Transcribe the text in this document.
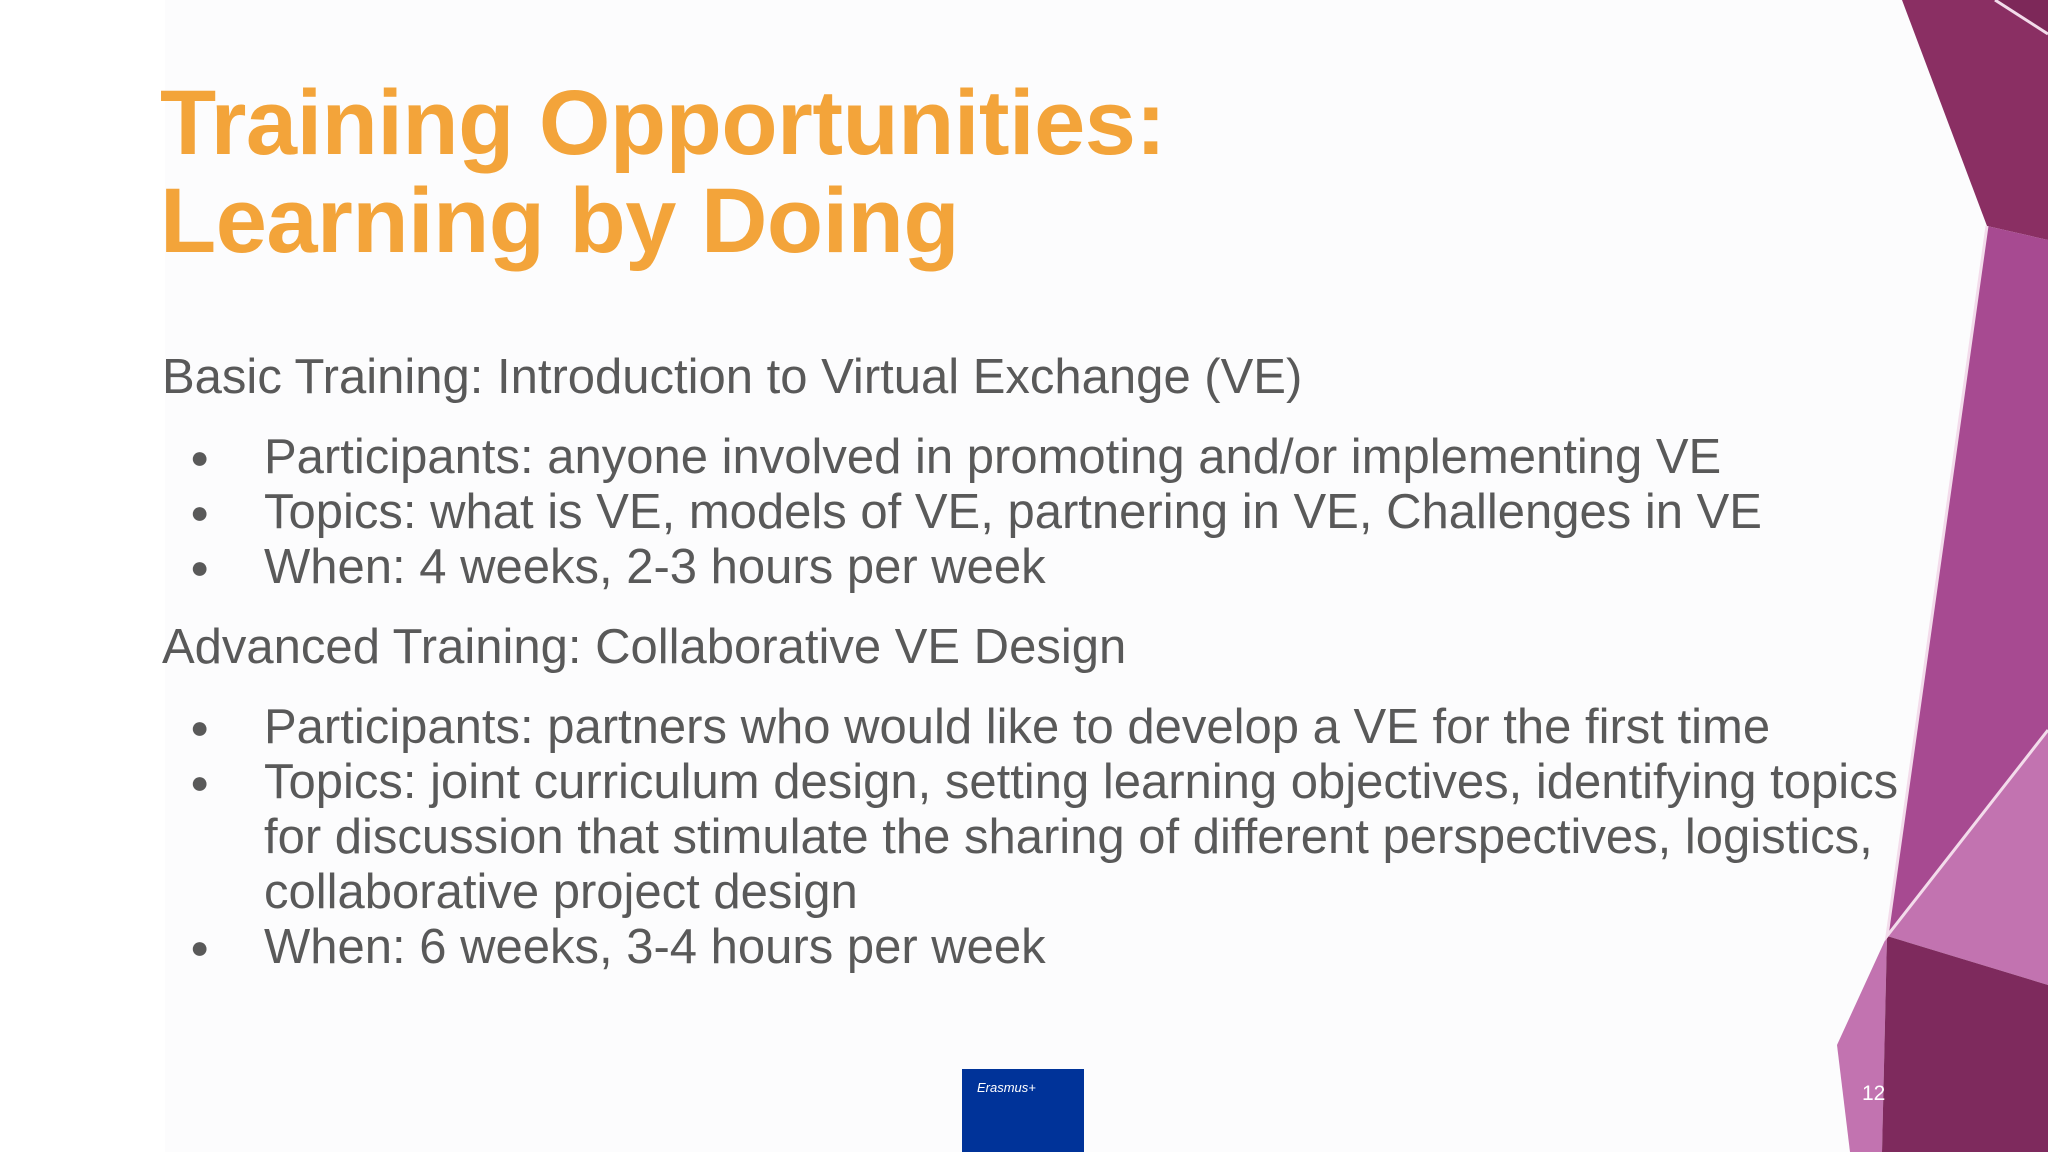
Training Opportunities:
Learning by Doing

Basic Training: Introduction to Virtual Exchange (VE)

● Participants: anyone involved in promoting and/or implementing VE
● Topics: what is VE, models of VE, partnering in VE, Challenges in VE
● When: 4 weeks, 2-3 hours per week

Advanced Training: Collaborative VE Design

● Participants: partners who would like to develop a VE for the first time
● Topics: joint curriculum design, setting learning objectives, identifying topics for discussion that stimulate the sharing of different perspectives, logistics, collaborative project design
● When: 6 weeks, 3-4 hours per week
Erasmus+	12
